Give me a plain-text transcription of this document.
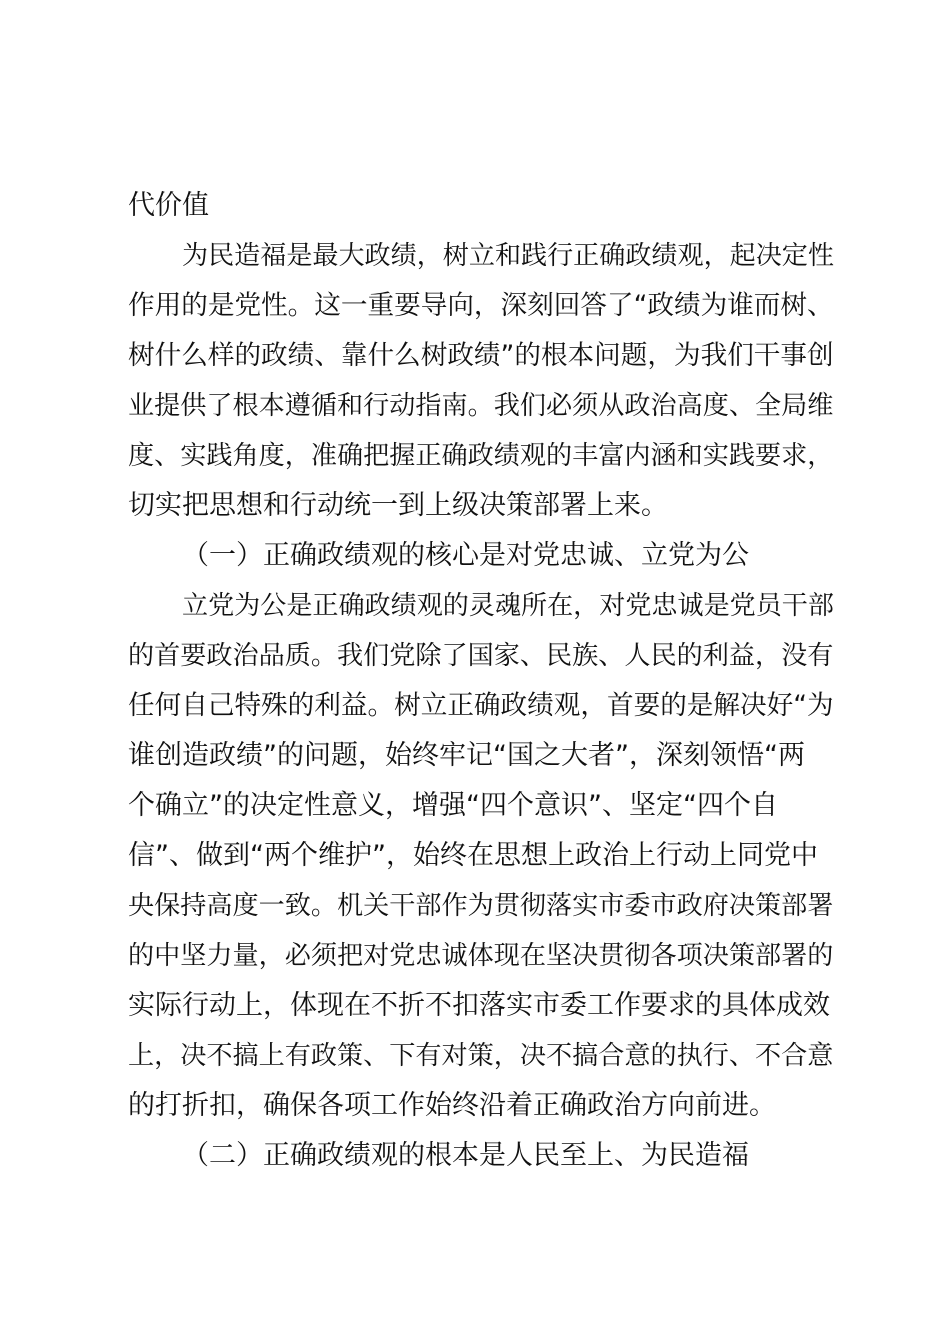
代价值
为民造福是最大政绩，树立和践行正确政绩观，起决定性
作用的是党性。这一重要导向，深刻回答了“政绩为谁而树、
树什么样的政绩、靠什么树政绩”的根本问题，为我们干事创
业提供了根本遵循和行动指南。我们必须从政治高度、全局维
度、实践角度，准确把握正确政绩观的丰富内涵和实践要求，
切实把思想和行动统一到上级决策部署上来。
（一）正确政绩观的核心是对党忠诚、立党为公
立党为公是正确政绩观的灵魂所在，对党忠诚是党员干部
的首要政治品质。我们党除了国家、民族、人民的利益，没有
任何自己特殊的利益。树立正确政绩观，首要的是解决好“为
谁创造政绩”的问题，始终牢记“国之大者”，深刻领悟“两
个确立”的决定性意义，增强“四个意识”、坚定“四个自
信”、做到“两个维护”，始终在思想上政治上行动上同党中
央保持高度一致。机关干部作为贯彻落实市委市政府决策部署
的中坚力量，必须把对党忠诚体现在坚决贯彻各项决策部署的
实际行动上，体现在不折不扣落实市委工作要求的具体成效
上，决不搞上有政策、下有对策，决不搞合意的执行、不合意
的打折扣，确保各项工作始终沿着正确政治方向前进。
（二）正确政绩观的根本是人民至上、为民造福
